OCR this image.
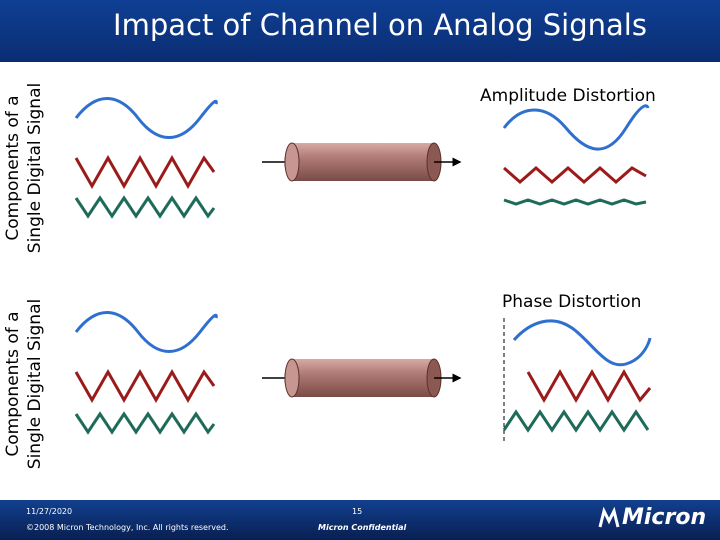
Impact of Channel on Analog Signals
Components of a Single Digital Signal
Components of a Single Digital Signal
Amplitude Distortion
Phase Distortion
11/27/2020	15
©2008 Micron Technology, Inc. All rights reserved.	Micron Confidential	Micron
